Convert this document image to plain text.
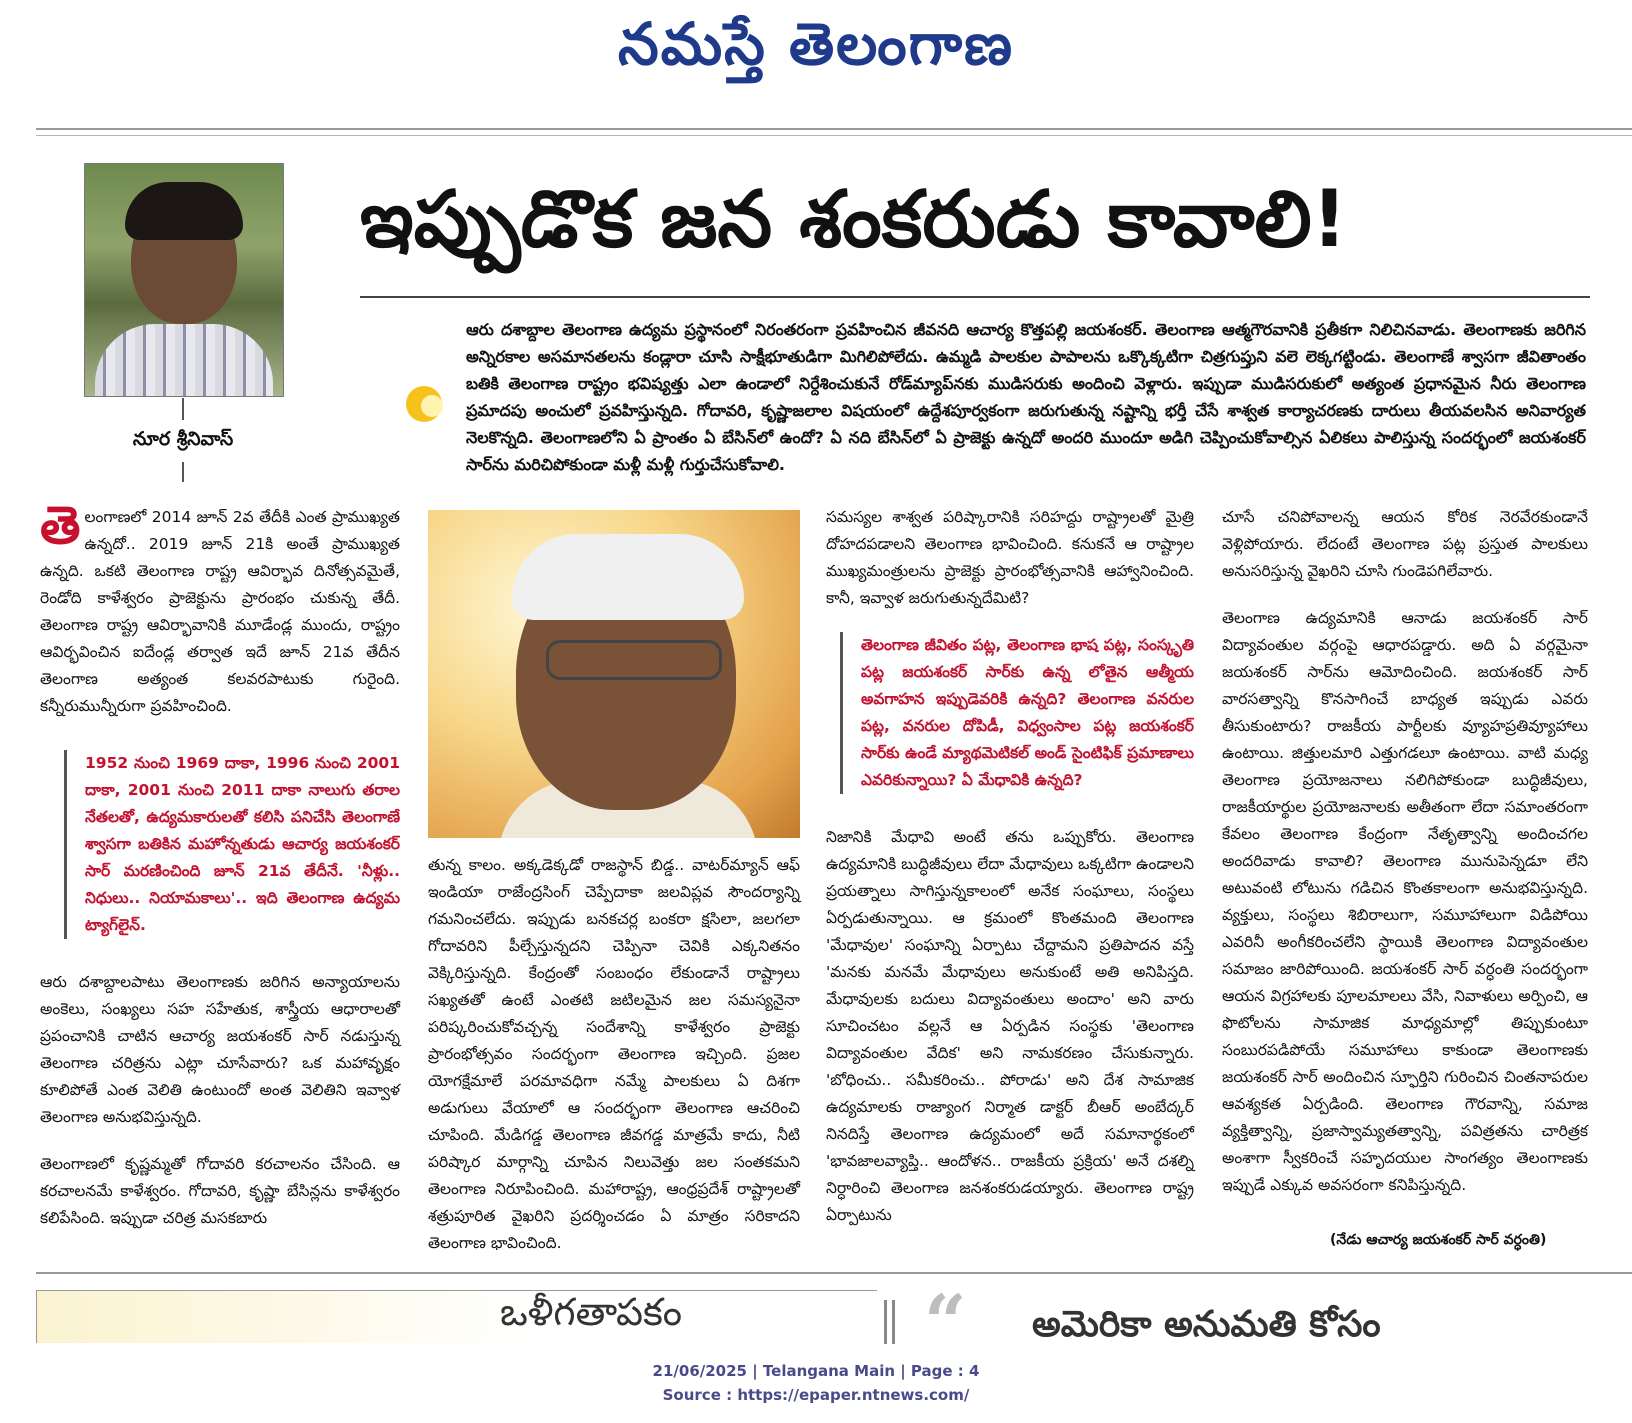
నమస్తే తెలంగాణ
నూర శ్రీనివాస్
ఇప్పుడొక జన శంకరుడు కావాలి!
ఆరు దశాబ్దాల తెలంగాణ ఉద్యమ ప్రస్థానంలో నిరంతరంగా ప్రవహించిన జీవనది ఆచార్య కొత్తపల్లి జయశంకర్. తెలంగాణ ఆత్మగౌరవానికి ప్రతీకగా నిలిచినవాడు. తెలంగాణకు జరిగిన అన్నిరకాల అసమానతలను కండ్లారా చూసి సాక్షీభూతుడిగా మిగిలిపోలేదు. ఉమ్మడి పాలకుల పాపాలను ఒక్కొక్కటిగా చిత్రగుప్తుని వలె లెక్కగట్టిండు. తెలంగాణే శ్వాసగా జీవితాంతం బతికి తెలంగాణ రాష్ట్రం భవిష్యత్తు ఎలా ఉండాలో నిర్దేశించుకునే రోడ్‌మ్యాప్‌నకు ముడిసరుకు అందించి వెళ్లారు. ఇప్పుడా ముడిసరుకులో అత్యంత ప్రధానమైన నీరు తెలంగాణ ప్రమాదపు అంచులో ప్రవహిస్తున్నది. గోదావరి, కృష్ణాజలాల విషయంలో ఉద్దేశపూర్వకంగా జరుగుతున్న నష్టాన్ని భర్తీ చేసే శాశ్వత కార్యాచరణకు దారులు తీయవలసిన అనివార్యత నెలకొన్నది. తెలంగాణలోని ఏ ప్రాంతం ఏ బేసిన్‌లో ఉందో? ఏ నది బేసిన్‌లో ఏ ప్రాజెక్టు ఉన్నదో అందరి ముందూ అడిగి చెప్పించుకోవాల్సిన ఏలికలు పాలిస్తున్న సందర్భంలో జయశంకర్ సార్‌ను మరిచిపోకుండా మళ్లీ మళ్లీ గుర్తుచేసుకోవాలి.

తెలంగాణలో 2014 జూన్ 2వ తేదీకి ఎంత ప్రాముఖ్యత ఉన్నదో.. 2019 జూన్ 21కి అంతే ప్రాముఖ్యత ఉన్నది. ఒకటి తెలంగాణ రాష్ట్ర ఆవిర్భావ దినోత్సవమైతే, రెండోది కాళేశ్వరం ప్రాజెక్టును ప్రారంభం చుకున్న తేదీ. తెలంగాణ రాష్ట్ర ఆవిర్భావానికి మూడేండ్ల ముందు, రాష్ట్రం ఆవిర్భవించిన ఐదేండ్ల తర్వాత ఇదే జూన్ 21వ తేదీన తెలంగాణ అత్యంత కలవరపాటుకు గురైంది. కన్నీరుమున్నీరుగా ప్రవహించింది.

1952 నుంచి 1969 దాకా, 1996 నుంచి 2001 దాకా, 2001 నుంచి 2011 దాకా నాలుగు తరాల నేతలతో, ఉద్యమకారులతో కలిసి పనిచేసి తెలంగాణే శ్వాసగా బతికిన మహోన్నతుడు ఆచార్య జయశంకర్ సార్ మరణించింది జూన్ 21వ తేదీనే. 'నీళ్లు.. నిధులు.. నియామకాలు'.. ఇది తెలంగాణ ఉద్యమ ట్యాగ్‌లైన్.

ఆరు దశాబ్దాలపాటు తెలంగాణకు జరిగిన అన్యాయాలను అంకెలు, సంఖ్యలు సహ సహేతుక, శాస్త్రీయ ఆధారాలతో ప్రపంచానికి చాటిన ఆచార్య జయశంకర్ సార్ నడుస్తున్న తెలంగాణ చరిత్రను ఎట్లా చూసేవారు? ఒక మహావృక్షం కూలిపోతే ఎంత వెలితి ఉంటుందో అంత వెలితిని ఇవ్వాళ తెలంగాణ అనుభవిస్తున్నది.

తెలంగాణలో కృష్ణమ్మతో గోదావరి కరచాలనం చేసింది. ఆ కరచాలనమే కాళేశ్వరం. గోదావరి, కృష్ణా బేసిన్లను కాళేశ్వరం కలిపేసింది. ఇప్పుడా చరిత్ర మసకబారు

తున్న కాలం. అక్కడెక్కడో రాజస్థాన్ బిడ్డ.. వాటర్‌మ్యాన్ ఆఫ్ ఇండియా రాజేంద్రసింగ్ చెప్పేదాకా జలవిప్లవ సౌందర్యాన్ని గమనించలేదు. ఇప్పుడు బనకచర్ల బంకరా క్షసిలా, జలగలా గోదావరిని పీల్చేస్తున్నదని చెప్పినా చెవికి ఎక్కనితనం వెక్కిరిస్తున్నది. కేంద్రంతో సంబంధం లేకుండానే రాష్ట్రాలు సఖ్యతతో ఉంటే ఎంతటి జటిలమైన జల సమస్యనైనా పరిష్కరించుకోవచ్చన్న సందేశాన్ని కాళేశ్వరం ప్రాజెక్టు ప్రారంభోత్సవం సందర్భంగా తెలంగాణ ఇచ్చింది. ప్రజల యోగక్షేమాలే పరమావధిగా నమ్మే పాలకులు ఏ దిశగా అడుగులు వేయాలో ఆ సందర్భంగా తెలంగాణ ఆచరించి చూపింది. మేడిగడ్డ తెలంగాణ జీవగడ్డ మాత్రమే కాదు, నీటి పరిష్కార మార్గాన్ని చూపిన నిలువెత్తు జల సంతకమని తెలంగాణ నిరూపించింది. మహారాష్ట్ర, ఆంధ్రప్రదేశ్ రాష్ట్రాలతో శత్రుపూరిత వైఖరిని ప్రదర్శించడం ఏ మాత్రం సరికాదని తెలంగాణ భావించింది.

సమస్యల శాశ్వత పరిష్కారానికి సరిహద్దు రాష్ట్రాలతో మైత్రి దోహదపడాలని తెలంగాణ భావించింది. కనుకనే ఆ రాష్ట్రాల ముఖ్యమంత్రులను ప్రాజెక్టు ప్రారంభోత్సవానికి ఆహ్వానించింది. కానీ, ఇవ్వాళ జరుగుతున్నదేమిటి?

తెలంగాణ జీవితం పట్ల, తెలంగాణ భాష పట్ల, సంస్కృతి పట్ల జయశంకర్ సార్‌కు ఉన్న లోతైన ఆత్మీయ అవగాహన ఇప్పుడెవరికి ఉన్నది? తెలంగాణ వనరుల పట్ల, వనరుల దోపిడీ, విధ్వంసాల పట్ల జయశంకర్ సార్‌కు ఉండే మ్యాథమెటికల్ అండ్ సైంటిఫిక్ ప్రమాణాలు ఎవరికున్నాయి? ఏ మేధావికి ఉన్నది?

నిజానికి మేధావి అంటే తను ఒప్పుకోరు. తెలంగాణ ఉద్యమానికి బుద్ధిజీవులు లేదా మేధావులు ఒక్కటిగా ఉండాలని ప్రయత్నాలు సాగిస్తున్నకాలంలో అనేక సంఘాలు, సంస్థలు ఏర్పడుతున్నాయి. ఆ క్రమంలో కొంతమంది తెలంగాణ 'మేధావుల' సంఘాన్ని ఏర్పాటు చేద్దామని ప్రతిపాదన వస్తే 'మనకు మనమే మేధావులు అనుకుంటే అతి అనిపిస్తది. మేధావులకు బదులు విద్యావంతులు అందాం' అని వారు సూచించటం వల్లనే ఆ ఏర్పడిన సంస్థకు 'తెలంగాణ విద్యావంతుల వేదిక' అని నామకరణం చేసుకున్నారు. 'బోధించు.. సమీకరించు.. పోరాడు' అని దేశ సామాజిక ఉద్యమాలకు రాజ్యాంగ నిర్మాత డాక్టర్ బీఆర్ అంబేద్కర్ నినదిస్తే తెలంగాణ ఉద్యమంలో అదే సమానార్థకంలో 'భావజాలవ్యాప్తి.. ఆందోళన.. రాజకీయ ప్రక్రియ' అనే దశల్ని నిర్ధారించి తెలంగాణ జనశంకరుడయ్యారు. తెలంగాణ రాష్ట్ర ఏర్పాటును

చూసే చనిపోవాలన్న ఆయన కోరిక నెరవేరకుండానే వెళ్లిపోయారు. లేదంటే తెలంగాణ పట్ల ప్రస్తుత పాలకులు అనుసరిస్తున్న వైఖరిని చూసి గుండెపగిలేవారు.

తెలంగాణ ఉద్యమానికి ఆనాడు జయశంకర్ సార్ విద్యావంతుల వర్గంపై ఆధారపడ్డారు. అది ఏ వర్గమైనా జయశంకర్ సార్‌ను ఆమోదించింది. జయశంకర్ సార్ వారసత్వాన్ని కొనసాగించే బాధ్యత ఇప్పుడు ఎవరు తీసుకుంటారు? రాజకీయ పార్టీలకు వ్యూహప్రతివ్యూహాలు ఉంటాయి. జిత్తులమారి ఎత్తుగడలూ ఉంటాయి. వాటి మధ్య తెలంగాణ ప్రయోజనాలు నలిగిపోకుండా బుద్ధిజీవులు, రాజకీయార్థుల ప్రయోజనాలకు అతీతంగా లేదా సమాంతరంగా కేవలం తెలంగాణ కేంద్రంగా నేతృత్వాన్ని అందించగల అందరివాడు కావాలి? తెలంగాణ మునుపెన్నడూ లేని అటువంటి లోటును గడిచిన కొంతకాలంగా అనుభవిస్తున్నది. వ్యక్తులు, సంస్థలు శిబిరాలుగా, సమూహాలుగా విడిపోయి ఎవరినీ అంగీకరించలేని స్థాయికి తెలంగాణ విద్యావంతుల సమాజం జారిపోయింది. జయశంకర్ సార్ వర్ధంతి సందర్భంగా ఆయన విగ్రహాలకు పూలమాలలు వేసి, నివాళులు అర్పించి, ఆ ఫొటోలను సామాజిక మాధ్యమాల్లో తిప్పుకుంటూ సంబురపడిపోయే సమూహాలు కాకుండా తెలంగాణకు జయశంకర్ సార్ అందించిన స్ఫూర్తిని గురించిన చింతనాపరుల ఆవశ్యకత ఏర్పడింది. తెలంగాణ గౌరవాన్ని, సమాజ వ్యక్తిత్వాన్ని, ప్రజాస్వామ్యతత్వాన్ని, పవిత్రతను చారిత్రక అంశాగా స్వీకరించే సహృదయుల సాంగత్యం తెలంగాణకు ఇప్పుడే ఎక్కువ అవసరంగా కనిపిస్తున్నది.

(నేడు ఆచార్య జయశంకర్ సార్ వర్ధంతి)
ఒళీగతాపకం	“ అమెరికా అనుమతి కోసం
21/06/2025 | Telangana Main | Page : 4
Source : https://epaper.ntnews.com/
